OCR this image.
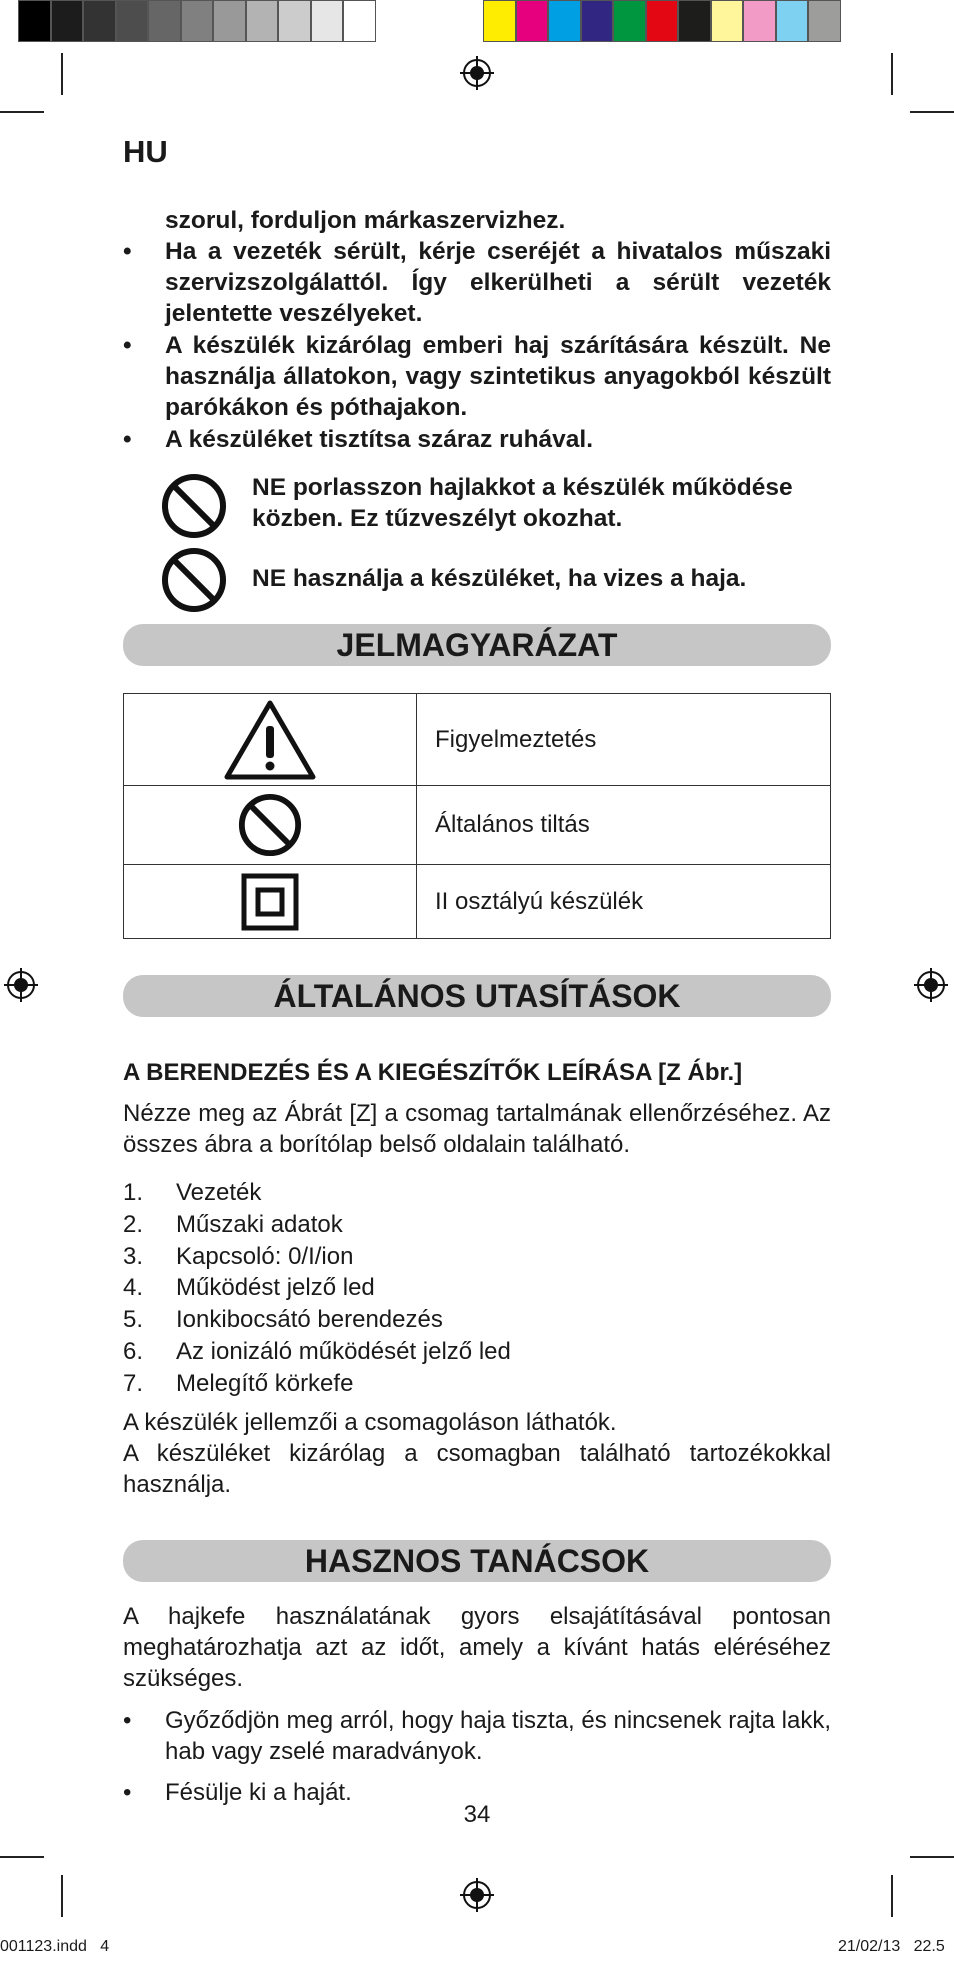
HU
szorul, forduljon márkaszervizhez.
• Ha a vezeték sérült, kérje cseréjét a hivatalos műszaki szervizszolgálattól. Így elkerülheti a sérült vezeték jelentette veszélyeket.
• A készülék kizárólag emberi haj szárítására készült. Ne használja állatokon, vagy szintetikus anyagokból készült parókákon és póthajakon.
• A készüléket tisztítsa száraz ruhával.
NE porlasszon hajlakkot a készülék működése közben. Ez tűzveszélyt okozhat.
NE használja a készüléket, ha vizes a haja.
JELMAGYARÁZAT
	Figyelmeztetés
	Általános tiltás
	II osztályú készülék
ÁLTALÁNOS UTASÍTÁSOK
A BERENDEZÉS ÉS A KIEGÉSZÍTŐK LEÍRÁSA [Z Ábr.]
Nézze meg az Ábrát [Z] a csomag tartalmának ellenőrzéséhez. Az összes ábra a borítólap belső oldalain található.
1. Vezeték
2. Műszaki adatok
3. Kapcsoló: 0/I/ion
4. Működést jelző led
5. Ionkibocsátó berendezés
6. Az ionizáló működését jelző led
7. Melegítő körkefe
A készülék jellemzői a csomagoláson láthatók.
A készüléket kizárólag a csomagban található tartozékokkal használja.
HASZNOS TANÁCSOK
A hajkefe használatának gyors elsajátításával pontosan meghatározhatja azt az időt, amely a kívánt hatás eléréséhez szükséges.
• Győződjön meg arról, hogy haja tiszta, és nincsenek rajta lakk, hab vagy zselé maradványok.
• Fésülje ki a haját.
34
001123.indd   4	21/02/13   22.5
